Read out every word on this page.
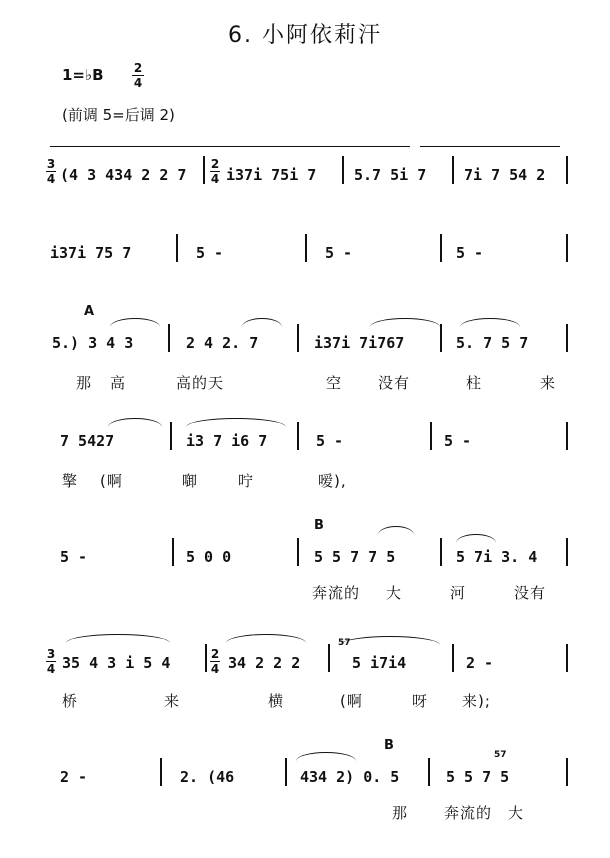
6. 小阿依莉汗
1=♭B	2
4
(前调 5=后调 2)
3
4 (4 3 434 2 2 7
2
4 i37i 75i 7	5.7 5i 7	7i 7 54 2
i37i 75 7	5 -	5 -	5 -
A
5.) 3 4 3	2 4 2. 7	i37i 7i767	5. 7 5 7
那 高	高的天	空 没有	柱	来
7 5427	i3 7 i6 7	5 -	5 -
擎 (啊	啣	咛	嗳),
B
5 -	5 0 0	5 5 7 7 5	5 7i 3. 4
奔流的 大	河	没有
3
4 35 4 3 i 5 4	2
4 34 2 2 2
57
5 i7i4	2 -
桥	来	横	(啊	呀 来);
B
2 -	2. (46	434 2) 0. 5
57
5 5 7 5
那 奔流的 大
